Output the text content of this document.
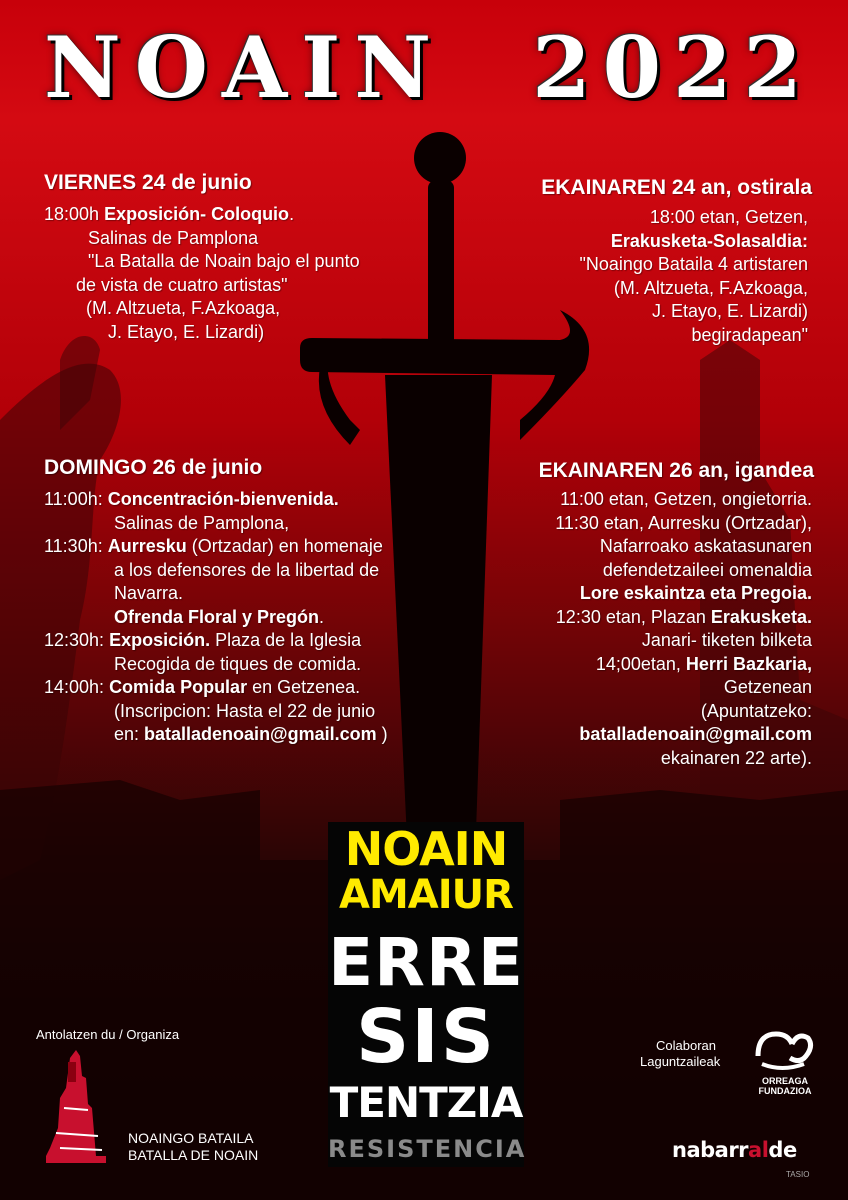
NOAIN 2022
VIERNES 24 de junio
18:00h Exposición- Coloquio.
Salinas de Pamplona
"La Batalla de Noain bajo el punto
de vista de cuatro artistas"
(M. Altzueta, F.Azkoaga,
J. Etayo, E. Lizardi)
EKAINAREN 24 an, ostirala
18:00 etan, Getzen,
Erakusketa-Solasaldia:
"Noaingo Bataila 4 artistaren
(M. Altzueta, F.Azkoaga,
J. Etayo, E. Lizardi)
begiradapean"
DOMINGO 26 de junio
11:00h: Concentración-bienvenida.
Salinas de Pamplona,
11:30h: Aurresku (Ortzadar) en homenaje
a los defensores de la libertad de
Navarra.
Ofrenda Floral y Pregón.
12:30h: Exposición. Plaza de la Iglesia
Recogida de tiques de comida.
14:00h: Comida Popular en Getzenea.
(Inscripcion: Hasta el 22 de junio
en: batalladenoain@gmail.com )
EKAINAREN 26 an, igandea
11:00 etan, Getzen, ongietorria.
11:30 etan, Aurresku (Ortzadar),
Nafarroako askatasunaren
defendetzaileei omenaldia
Lore eskaintza eta Pregoia.
12:30 etan, Plazan Erakusketa.
Janari- tiketen bilketa
14;00etan, Herri Bazkaria,
Getzenean
(Apuntatzeko:
batalladenoain@gmail.com
ekainaren 22 arte).
NOAIN
AMAIUR
ERRE
SIS
TENTZIA
RESISTENCIA
Antolatzen du / Organiza
NOAINGO BATAILA
BATALLA DE NOAIN
Colaboran
Laguntzaileak
ORREAGA
FUNDAZIOA
nabarralde
TASIO
